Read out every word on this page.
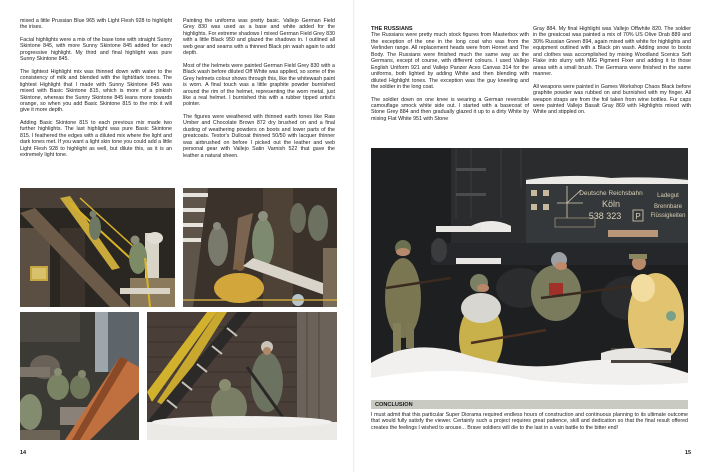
mixed a little Prussian Blue 965 with Light Flesh 928 to highlight the irises.

Facial highlights were a mix of the base tone with straight Sunny Skintone 845, with more Sunny Skintone 845 added for each progressive highlight. My third and final highlight was pure Sunny Skintone 845.

The lightest Highlight mix was thinned down with water to the consistency of milk and blended with the light/dark tones. The lightest Highlight that I made with Sunny Skintone 845 was mixed with Basic Skintone 815, which is more of a pinkish Skintone, whereas the Sunny Skintone 845 leans more towards orange, so when you add Basic Skintone 815 to the mix it will give it more depth.

Adding Basic Skintone 815 to each previous mix made two further highlights. The last highlight was pure Basic Skintone 815. I feathered the edges with a diluted mix where the light and dark tones met. If you want a light skin tone you could add a little Light Flesh 928 to highlight as well, but dilute this, as it is an extremely light tone.

Painting the uniforms was pretty basic. Vallejo German Field Grey 830 was used as a base and white added for the highlights. For extreme shadows I mixed German Field Grey 830 with a little Black 950 and glazed the shadows in. I outlined all web gear and seams with a thinned Black pin wash again to add depth.

Most of the helmets were painted German Field Grey 830 with a Black wash before diluted Off White was applied, so some of the Grey helmets colour shows through this, like the whitewash paint is worn. A final touch was a little graphite powder burnished around the rim of the helmet, representing the worn metal, just like a real helmet. I burnished this with a rubber tipped artist's pointer.

The figures were weathered with thinned earth tones like Raw Umber and Chocolate Brown 872 dry brushed on and a final dusting of weathering powders on boots and lower parts of the greatcoats. Testor's Dullcoat thinned 50/50 with lacquer thinner was airbrushed on before I picked out the leather and web personal gear with Vallejo Satin Varnish 522 that gave the leather a natural sheen.

14

THE RUSSIANS

The Russians were pretty much stock figures from Masterbox with the exception of the one in the long coat who was from the Verlinden range. All replacement heads were from Hornet and The Body. The Russians were finished much the same way as the Germans, except of course, with different colours. I used Vallejo English Uniform 921 and Vallejo Panzer Aces Canvas 314 for the uniforms, both lighted by adding White and then blending with diluted Highlight tones. The exception was the guy kneeling and the soldier in the long coat.

The soldier down on one knee is wearing a German reversible camouflage smock white side out. I started with a basecoat of Stone Grey 884 and then gradually glazed it up to a dirty White by mixing Flat White 951 with Stone

Gray 884. My final Highlight was Vallejo Offwhite 820. The soldier in the greatcoat was painted a mix of 70% US Olive Drab 889 and 30% Russian Green 894, again mixed with white for highlights and equipment outlined with a Black pin wash. Adding snow to boots and clothes was accomplished by mixing Woodland Scenics Soft Flake into slurry with MIG Pigment Fixer and adding it to those areas with a small brush. The Germans were finished in the same manner.

All weapons were painted in Games Workshop Chaos Black before graphite powder was rubbed on and burnished with my finger. All weapon straps are from the foil taken from wine bottles. Fur caps were painted Vallejo Basalt Gray 869 with Highlights mixed with White and stippled on.

Deutsche Reichsbahn
Köln
538 323 P
Ladegut
Brennbare
Flüssigkeiten
CONCLUSION
I must admit that this particular Super Diorama required endless hours of construction and continuous planning to its ultimate outcome that would fully satisfy the viewer. Certainly such a project requires great patience, skill and dedication so that the final result offered creates the feelings I wished to arouse... Brave soldiers will die to the last in a vain battle to the bitter end!
15
